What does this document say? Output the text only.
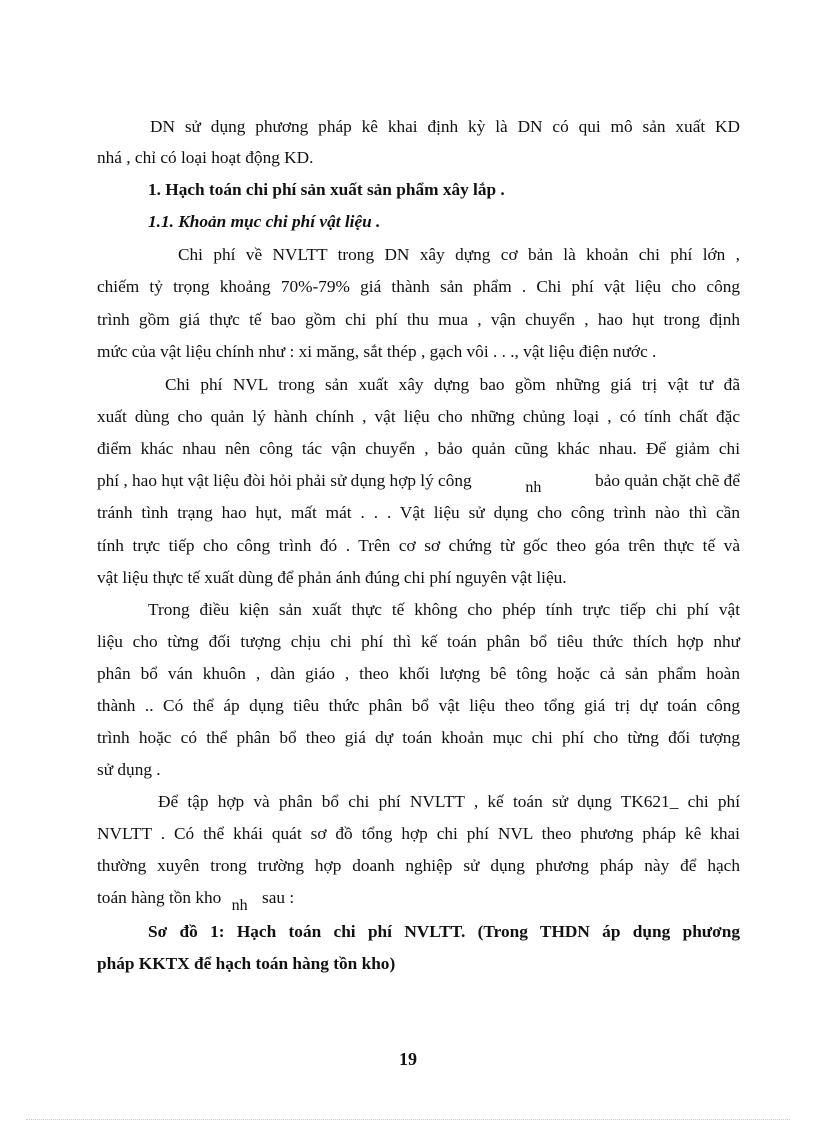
DN sử dụng phương pháp kê khai định kỳ là DN có qui mô sản xuất KD
nhá , chỉ có loại hoạt động KD.
1. Hạch toán chi phí sản xuất sản phẩm xây lắp .
1.1. Khoản mục chi phí vật liệu .
Chi phí về NVLTT trong DN xây dựng cơ bản là khoản chi phí lớn ,
chiếm tỷ trọng khoảng 70%-79% giá thành sản phẩm . Chi phí vật liệu cho công
trình gồm giá thực tế bao gồm chi phí thu mua , vận chuyển , hao hụt trong định
mức của vật liệu chính như : xi măng, sắt thép , gạch vôi . . ., vật liệu điện nước .
Chi phí NVL trong sản xuất xây dựng bao gồm những giá trị vật tư đã
xuất dùng cho quản lý hành chính , vật liệu cho những chủng loại , có tính chất đặc
điểm khác nhau nên công tác vận chuyển , bảo quản cũng khác nhau. Để giảm chi
phí , hao hụt vật liệu đòi hỏi phải sử dụng hợp lý công	nh	bảo quản chặt chẽ để
tránh tình trạng hao hụt, mất mát . . . Vật liệu sử dụng cho công trình nào thì cần
tính trực tiếp cho công trình đó . Trên cơ sơ chứng từ gốc theo góa trên thực tế và
vật liệu thực tế xuất dùng để phản ánh đúng chi phí nguyên vật liệu.
Trong điều kiện sản xuất thực tế không cho phép tính trực tiếp chi phí vật
liệu cho từng đối tượng chịu chi phí thì kế toán phân bổ tiêu thức thích hợp như
phân bổ ván khuôn , dàn giáo , theo khối lượng bê tông hoặc cả sản phẩm hoàn
thành .. Có thể áp dụng tiêu thức phân bổ vật liệu theo tổng giá trị dự toán công
trình hoặc có thể phân bổ theo giá dự toán khoản mục chi phí cho từng đối tượng
sử dụng .
Để tập hợp và phân bổ chi phí NVLTT , kế toán sử dụng TK621_ chi phí
NVLTT . Có thể khái quát sơ đồ tổng hợp chi phí NVL theo phương pháp kê khai
thường xuyên trong trường hợp doanh nghiệp sử dụng phương pháp này để hạch
toán hàng tồn kho nh sau :
Sơ đồ 1: Hạch toán chi phí NVLTT. (Trong THDN áp dụng phương
pháp KKTX để hạch toán hàng tồn kho)
19
